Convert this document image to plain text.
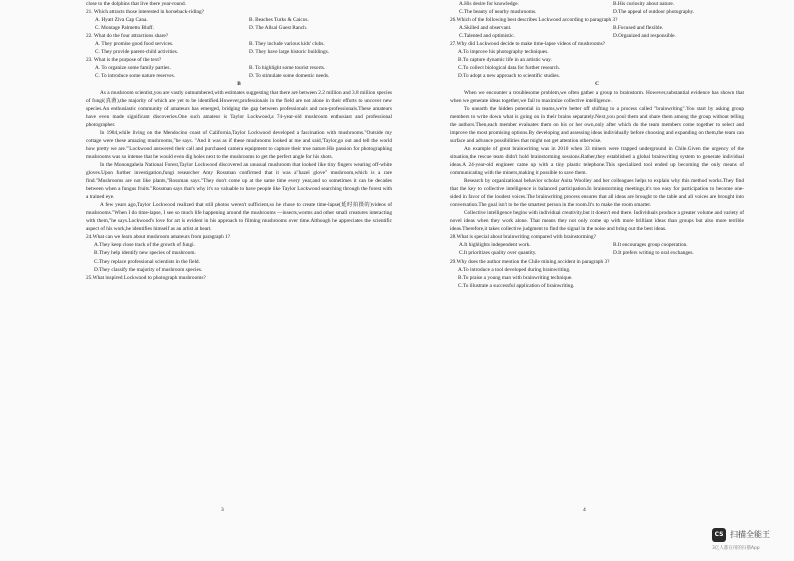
close to the dolphins that live there year-round.
21. Which attracts those interested in horseback-riding?
A. Hyatt Ziva Cap Cana.	B. Beaches Turks & Caicos.
C. Montage Palmetto Bluff.	D. The Allsal Guest Ranch.
22. What do the four attractions share?
A. They promise good food services.	B. They include various kids' clubs.
C. They provide parent-child activities.	D. They have large historic buildings.
23. What is the purpose of the text?
A. To organize some family parties.	B. To highlight some tourist resorts.
C. To introduce some nature reserves.	D. To stimulate some domestic needs.

B

As a mushroom scientist,you are vastly outnumbered,with estimates suggesting that there are between 2.2 million and 3.8 million species of fungi(真菌),the majority of which are yet to be identified.However,professionals in the field are not alone in their efforts to uncover new species.An enthusiastic community of amateurs has emerged, bridging the gap between professionals and non-professionals.These amateurs have even made significant discoveries.One such amateur is Taylor Lockwood,a 74-year-old mushroom enthusiast and professional photographer.

In 1984,while living on the Mendocino coast of California,Taylor Lockwood developed a fascination with mushrooms."Outside my cottage were these amazing mushrooms,"he says. "And it was as if these mushrooms looked at me and said,'Taylor,go out and tell the world how pretty we are.'"Lockwood answered their call and purchased camera equipment to capture their true nature.His passion for photographing mushrooms was so intense that he would even dig holes next to the mushrooms to get the perfect angle for his shots.

In the Monongahela National Forest,Taylor Lockwood discovered an unusual mushroom that looked like tiny fingers wearing off-white gloves.Upon further investigation,fungi researcher Amy Rossman confirmed that it was a"hazel glove" mushroom,which is a rare find."Mushrooms are not like plants,"Rossman says."They don't come up at the same time every year,and so sometimes it can be decades between when a fungus fruits."Rossman says that's why it's so valuable to have people like Taylor Lockwood searching through the forest with a trained eye.

A few years ago,Taylor Lockwood realized that still photos weren't sufficient,so he chose to create time-lapse(延时拍摄的)videos of mushrooms."When I do time-lapse, I see so much life happening around the mushrooms —insects,worms and other small creatures interacting with them,"he says.Lockwood's love for art is evident in his approach to filming mushrooms over time.Although he appreciates the scientific aspect of his work,he identifies himself as an artist at heart.

24.What can we learn about mushroom amateurs from paragraph 1?
A.They keep close track of the growth of fungi.
B.They help identify new species of mushroom.
C.They replace professional scientists in the field.
D.They classify the majority of mushroom species.
25.What inspired Lockwood to photograph mushrooms?
3
A.His desire for knowledge.	B.His curiosity about nature.
C.The beauty of nearby mushrooms.	D.The appeal of outdoor photography.
26.Which of the following best describes Lockwood according to paragraph 3?
A.Skilled and observant.	B.Focused and flexible.
C.Talented and optimistic.	D.Organized and responsible.
27.Why did Lockwood decide to make time-lapse videos of mushrooms?
A.To improve his photography techniques.
B.To capture dynamic life in an artistic way.
C.To collect biological data for further research.
D.To adopt a new approach to scientific studies.

C

When we encounter a troublesome problem,we often gather a group to brainstorm. However,substantial evidence has shown that when we generate ideas together,we fail to maximize collective intelligence.

To unearth the hidden potential in teams,we're better off shifting to a process called "brainwriting".You start by asking group members to write down what is going on in their brains separately.Next,you pool them and share them among the group without telling the authors.Then,each member evaluates them on his or her own,only after which do the team members come together to select and improve the most promising options.By developing and assessing ideas individually before choosing and expanding on them,the team can surface and advance possibilities that might not get attention otherwise.

An example of great brainwriting was in 2010 when 33 miners were trapped underground in Chile.Given the urgency of the situation,the rescue team didn't hold brainstorming sessions.Rather,they established a global brainwriting system to generate individual ideas.A 24-year-old engineer came up with a tiny plastic telephone.This specialized tool ended up becoming the only means of communicating with the miners,making it possible to save them.

Research by organizational behavior scholar Anita Woolley and her colleagues helps to explain why this method works.They find that the key to collective intelligence is balanced participation.In brainstorming meetings,it's too easy for participation to become one-sided in favor of the loudest voices.The brainwriting process ensures that all ideas are brought to the table and all voices are brought into conversation.The goal isn't to be the smartest person in the room.It's to make the room smarter.

Collective intelligence begins with individual creativity,but it doesn't end there. Individuals produce a greater volume and variety of novel ideas when they work alone. That means they not only come up with more brilliant ideas than groups but also more terrible ideas.Therefore,it takes collective judgment to find the signal in the noise and bring out the best ideas.

28.What is special about brainwriting compared with brainstorming?
A.It highlights independent work.	B.It encourages group cooperation.
C.It prioritizes quality over quantity.	D.It prefers writing to oral exchanges.
29.Why does the author mention the Chile mining accident in paragraph 3?
A.To introduce a tool developed during brainwriting.
B.To praise a young man with brainwriting technique.
C.To illustrate a successful application of brainwriting.
4
CS 扫描全能王
3亿人都在用的扫描App
